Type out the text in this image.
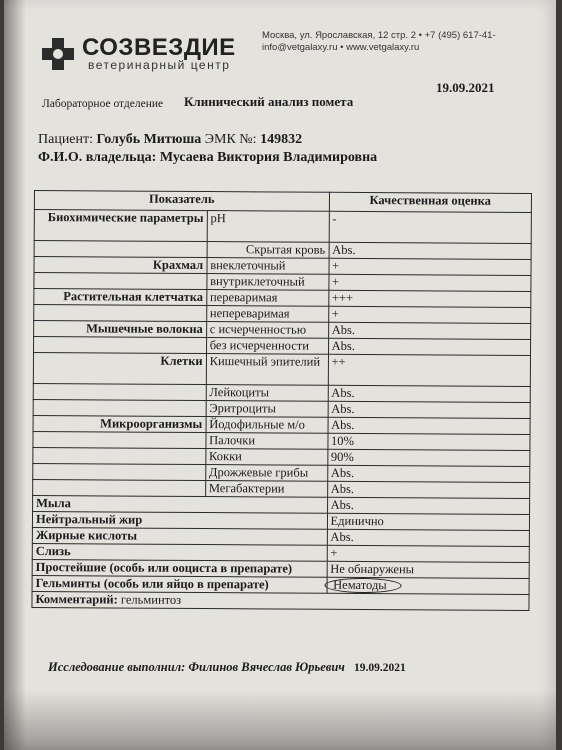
СОЗВЕЗДИЕ
ветеринарный центр
Москва, ул. Ярославская, 12 стр. 2 • +7 (495) 617-41-
info@vetgalaxy.ru • www.vetgalaxy.ru
19.09.2021
Лабораторное отделение Клинический анализ помета
Пациент: Голубь Митюша ЭМК №: 149832
Ф.И.О. владельца: Мусаева Виктория Владимировна
Показатель		Качественная оценка
Биохимические параметры	pH	-
	Скрытая кровь	Abs.
Крахмал	внеклеточный	+
	внутриклеточный	+
Растительная клетчатка	переваримая	+++
	непереваримая	+
Мышечные волокна	с исчерченностью	Abs.
	без исчерченности	Abs.
Клетки	Кишечный эпителий	++
	Лейкоциты	Abs.
	Эритроциты	Abs.
Микроорганизмы	Йодофильные м/о	Abs.
	Палочки	10%
	Кокки	90%
	Дрожжевые грибы	Abs.
	Мегабактерии	Abs.
Мыла		Abs.
Нейтральный жир		Единично
Жирные кислоты		Abs.
Слизь		+
Простейшие (особь или ооциста в препарате)		Не обнаружены
Гельминты (особь или яйцо в препарате)		Нематоды
Комментарий: гельминтоз		
Исследование выполнил: Филинов Вячеслав Юрьевич 19.09.2021
